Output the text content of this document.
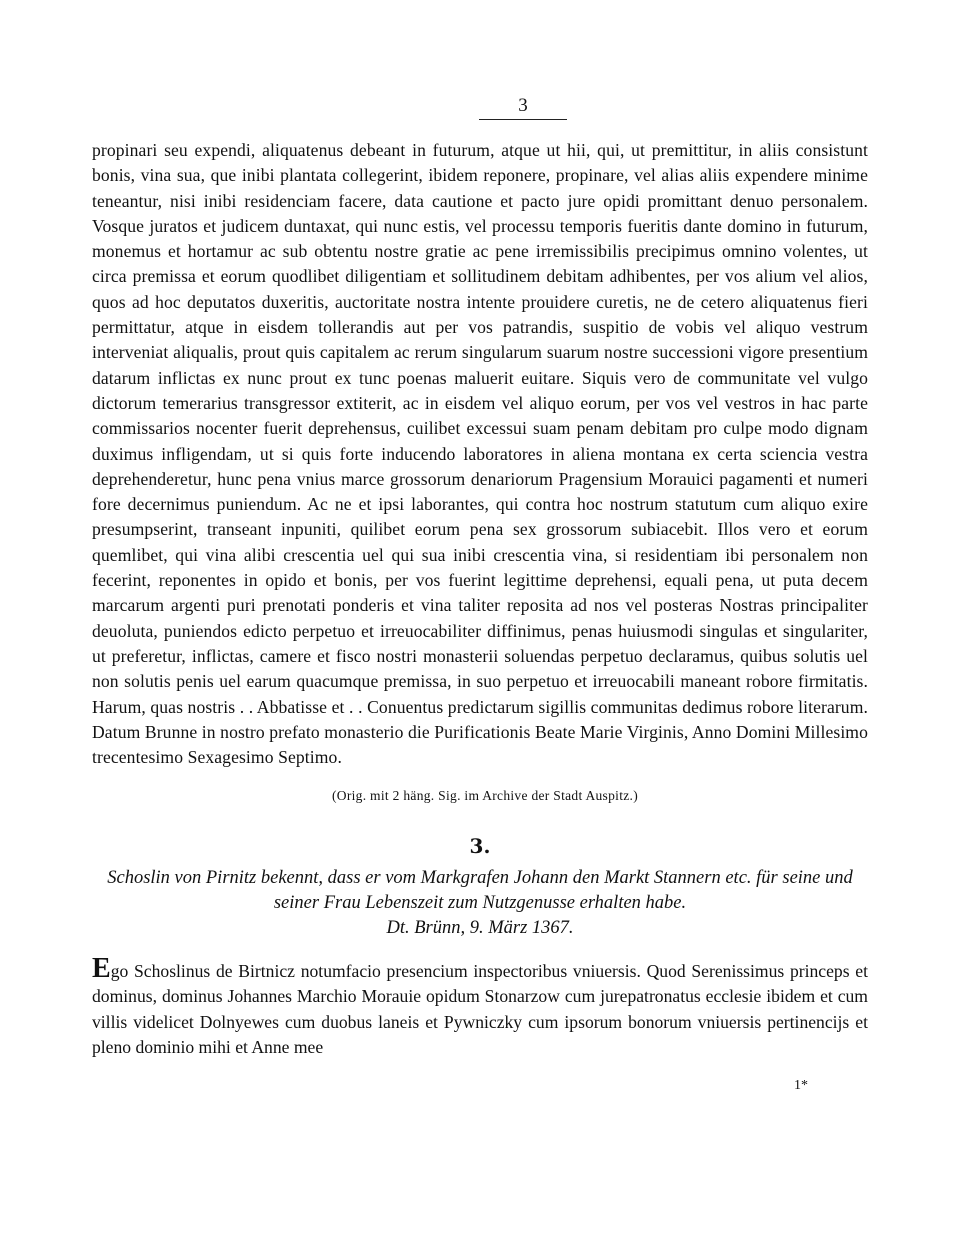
3

propinari seu expendi, aliquatenus debeant in futurum, atque ut hii, qui, ut premittitur, in aliis consistunt bonis, vina sua, que inibi plantata collegerint, ibidem reponere, propinare, vel alias aliis expendere minime teneantur, nisi inibi residenciam facere, data cautione et pacto jure opidi promittant denuo personalem. Vosque juratos et judicem duntaxat, qui nunc estis, vel processu temporis fueritis dante domino in futurum, monemus et hortamur ac sub obtentu nostre gratie ac pene irremissibilis precipimus omnino volentes, ut circa premissa et eorum quodlibet diligentiam et sollitudinem debitam adhibentes, per vos alium vel alios, quos ad hoc deputatos duxeritis, auctoritate nostra intente prouidere curetis, ne de cetero aliquatenus fieri permittatur, atque in eisdem tollerandis aut per vos patrandis, suspitio de vobis vel aliquo vestrum interveniat aliqualis, prout quis capitalem ac rerum singularum suarum nostre successioni vigore presentium datarum inflictas ex nunc prout ex tunc poenas maluerit euitare. Siquis vero de communitate vel vulgo dictorum temerarius transgressor extiterit, ac in eisdem vel aliquo eorum, per vos vel vestros in hac parte commissarios nocenter fuerit deprehensus, cuilibet excessui suam penam debitam pro culpe modo dignam duximus infligendam, ut si quis forte inducendo laboratores in aliena montana ex certa sciencia vestra deprehenderetur, hunc pena vnius marce grossorum denariorum Pragensium Morauici pagamenti et numeri fore decernimus puniendum. Ac ne et ipsi laborantes, qui contra hoc nostrum statutum cum aliquo exire presumpserint, transeant inpuniti, quilibet eorum pena sex grossorum subiacebit. Illos vero et eorum quemlibet, qui vina alibi crescentia uel qui sua inibi crescentia vina, si residentiam ibi personalem non fecerint, reponentes in opido et bonis, per vos fuerint legittime deprehensi, equali pena, ut puta decem marcarum argenti puri prenotati ponderis et vina taliter reposita ad nos vel posteras Nostras principaliter deuoluta, puniendos edicto perpetuo et irreuocabiliter diffinimus, penas huiusmodi singulas et singulariter, ut preferetur, inflictas, camere et fisco nostri monasterii soluendas perpetuo declaramus, quibus solutis uel non solutis penis uel earum quacumque premissa, in suo perpetuo et irreuocabili maneant robore firmitatis. Harum, quas nostris . . Abbatisse et . . Conuentus predictarum sigillis communitas dedimus robore literarum. Datum Brunne in nostro prefato monasterio die Purificationis Beate Marie Virginis, Anno Domini Millesimo trecentesimo Sexagesimo Septimo.

(Orig. mit 2 häng. Sig. im Archive der Stadt Auspitz.)
3.
Schoslin von Pirnitz bekennt, dass er vom Markgrafen Johann den Markt Stannern etc. für seine und seiner Frau Lebenszeit zum Nutzgenusse erhalten habe.
Dt. Brünn, 9. März 1367.

Ego Schoslinus de Birtnicz notumfacio presencium inspectoribus vniuersis. Quod Serenissimus princeps et dominus, dominus Johannes Marchio Morauie opidum Stonarzow cum jurepatronatus ecclesie ibidem et cum villis videlicet Dolnyewes cum duobus laneis et Pywniczky cum ipsorum bonorum vniuersis pertinencijs et pleno dominio mihi et Anne mee

1*
